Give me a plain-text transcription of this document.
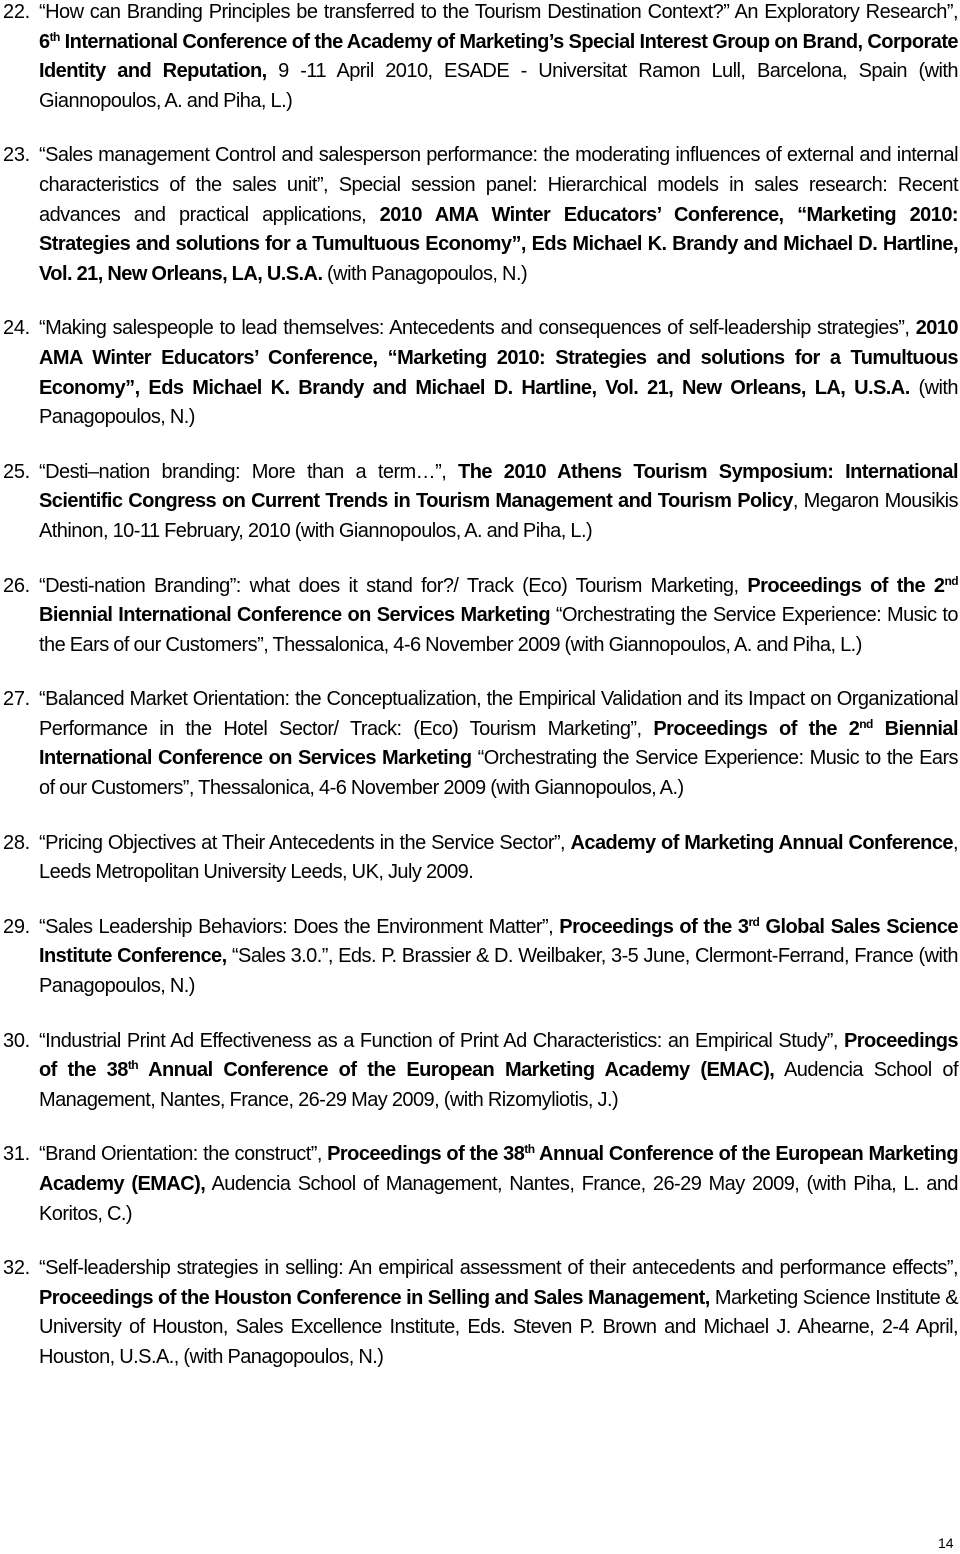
22. “How can Branding Principles be transferred to the Tourism Destination Context?” An Exploratory Research”, 6th International Conference of the Academy of Marketing’s Special Interest Group on Brand, Corporate Identity and Reputation, 9 -11 April 2010, ESADE - Universitat Ramon Lull, Barcelona, Spain (with Giannopoulos, A. and Piha, L.)
23. “Sales management Control and salesperson performance: the moderating influences of external and internal characteristics of the sales unit”, Special session panel: Hierarchical models in sales research: Recent advances and practical applications, 2010 AMA Winter Educators’ Conference, “Marketing 2010: Strategies and solutions for a Tumultuous Economy”, Eds Michael K. Brandy and Michael D. Hartline, Vol. 21, New Orleans, LA, U.S.A. (with Panagopoulos, N.)
24. “Making salespeople to lead themselves: Antecedents and consequences of self-leadership strategies”, 2010 AMA Winter Educators’ Conference, “Marketing 2010: Strategies and solutions for a Tumultuous Economy”, Eds Michael K. Brandy and Michael D. Hartline, Vol. 21, New Orleans, LA, U.S.A. (with Panagopoulos, N.)
25. “Desti–nation branding: More than a term…”, The 2010 Athens Tourism Symposium: International Scientific Congress on Current Trends in Tourism Management and Tourism Policy, Megaron Mousikis Athinon, 10-11 February, 2010 (with Giannopoulos, A. and Piha, L.)
26. “Desti-nation Branding”: what does it stand for?/ Track (Eco) Tourism Marketing, Proceedings of the 2nd Biennial International Conference on Services Marketing “Orchestrating the Service Experience: Music to the Ears of our Customers”, Thessalonica, 4-6 November 2009 (with Giannopoulos, A. and Piha, L.)
27. “Balanced Market Orientation: the Conceptualization, the Empirical Validation and its Impact on Organizational Performance in the Hotel Sector/ Track: (Eco) Tourism Marketing”, Proceedings of the 2nd Biennial International Conference on Services Marketing “Orchestrating the Service Experience: Music to the Ears of our Customers”, Thessalonica, 4-6 November 2009 (with Giannopoulos, A.)
28. “Pricing Objectives at Their Antecedents in the Service Sector”, Academy of Marketing Annual Conference, Leeds Metropolitan University Leeds, UK, July 2009.
29. “Sales Leadership Behaviors: Does the Environment Matter”, Proceedings of the 3rd Global Sales Science Institute Conference, “Sales 3.0.”, Eds. P. Brassier & D. Weilbaker, 3-5 June, Clermont-Ferrand, France (with Panagopoulos, N.)
30. “Industrial Print Ad Effectiveness as a Function of Print Ad Characteristics: an Empirical Study”, Proceedings of the 38th Annual Conference of the European Marketing Academy (EMAC), Audencia School of Management, Nantes, France, 26-29 May 2009, (with Rizomyliotis, J.)
31. “Brand Orientation: the construct”, Proceedings of the 38th Annual Conference of the European Marketing Academy (EMAC), Audencia School of Management, Nantes, France, 26-29 May 2009, (with Piha, L. and Koritos, C.)
32. “Self-leadership strategies in selling: An empirical assessment of their antecedents and performance effects”, Proceedings of the Houston Conference in Selling and Sales Management, Marketing Science Institute & University of Houston, Sales Excellence Institute, Eds. Steven P. Brown and Michael J. Ahearne, 2-4 April, Houston, U.S.A., (with Panagopoulos, N.)
14
